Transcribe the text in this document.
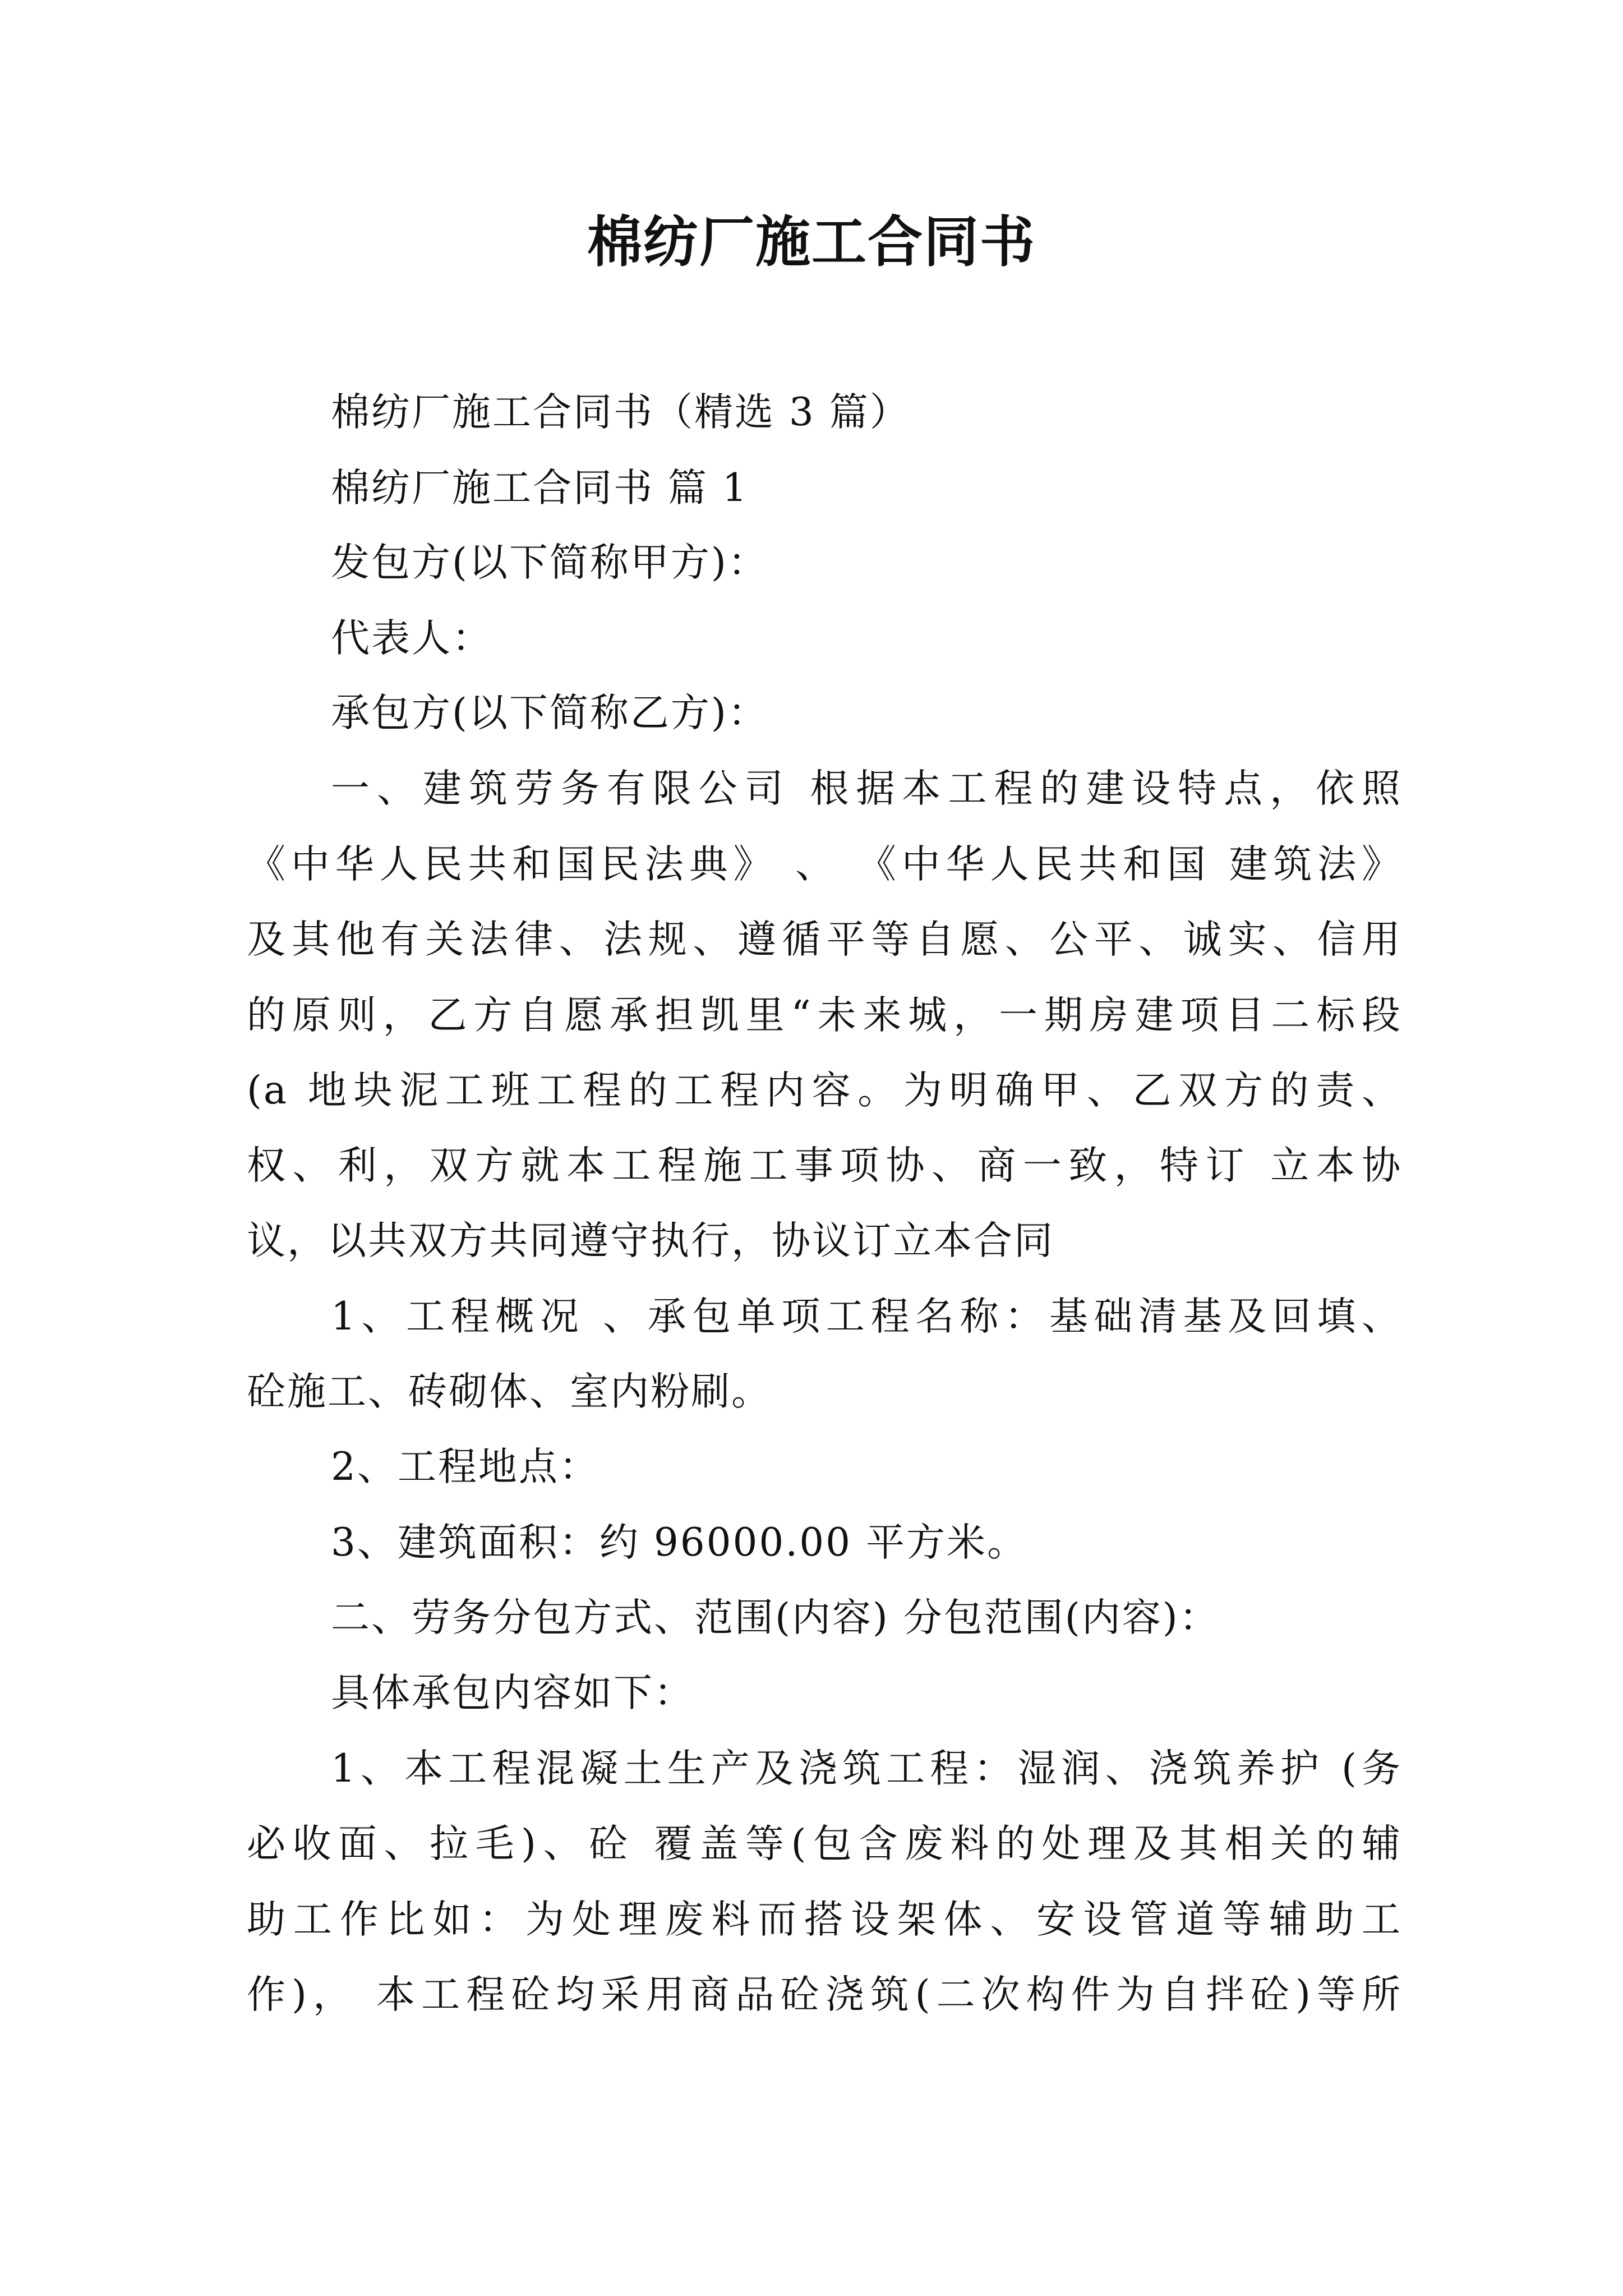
棉纺厂施工合同书
棉纺厂施工合同书（精选 3 篇）
棉纺厂施工合同书 篇 1
发包方(以下简称甲方)：
代表人：
承包方(以下简称乙方)：
一、建筑劳务有限公司 根据本工程的建设特点，依照
《中华人民共和国民法典》 、 《中华人民共和国 建筑法》
及其他有关法律、法规、遵循平等自愿、公平、诚实、信用
的原则，乙方自愿承担凯里“未来城，一期房建项目二标段
(a 地块泥工班工程的工程内容。为明确甲、乙双方的责、
权、利，双方就本工程施工事项协、商一致，特订 立本协
议，以共双方共同遵守执行，协议订立本合同
1、工程概况 、承包单项工程名称：基础清基及回填、
砼施工、砖砌体、室内粉刷。
2、工程地点：
3、建筑面积：约 96000.00 平方米。
二、劳务分包方式、范围(内容) 分包范围(内容)：
具体承包内容如下：
1、本工程混凝土生产及浇筑工程：湿润、浇筑养护 (务
必收面、拉毛)、砼 覆盖等(包含废料的处理及其相关的辅
助工作比如：为处理废料而搭设架体、安设管道等辅助工
作)， 本工程砼均采用商品砼浇筑(二次构件为自拌砼)等所
